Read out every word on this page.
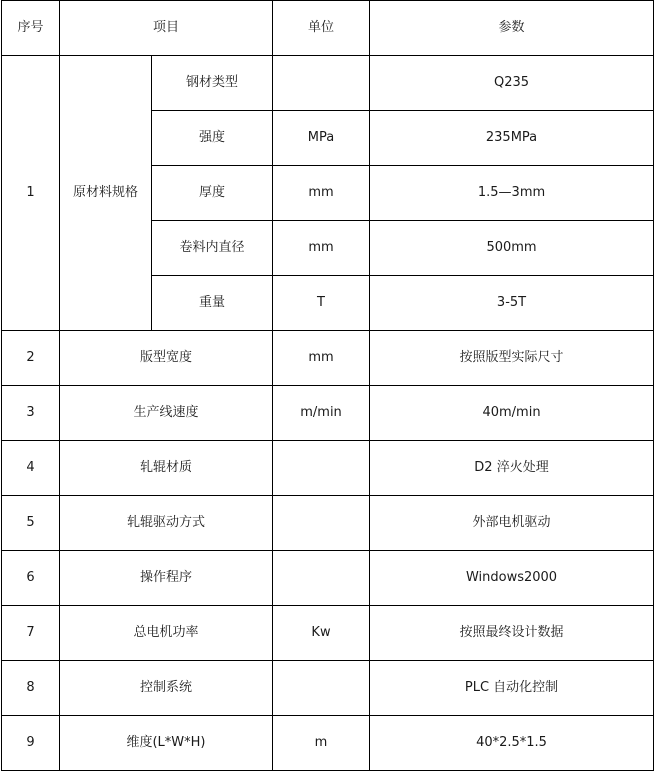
序号	项目		单位	参数
1	原材料规格	钢材类型		Q235
		强度	MPa	235MPa
		厚度	mm	1.5—3mm
		卷料内直径	mm	500mm
		重量	T	3-5T
2	版型宽度		mm	按照版型实际尺寸
3	生产线速度		m/min	40m/min
4	轧辊材质			D2 淬火处理
5	轧辊驱动方式			外部电机驱动
6	操作程序			Windows2000
7	总电机功率		Kw	按照最终设计数据
8	控制系统			PLC 自动化控制
9	维度(L*W*H)		m	40*2.5*1.5
